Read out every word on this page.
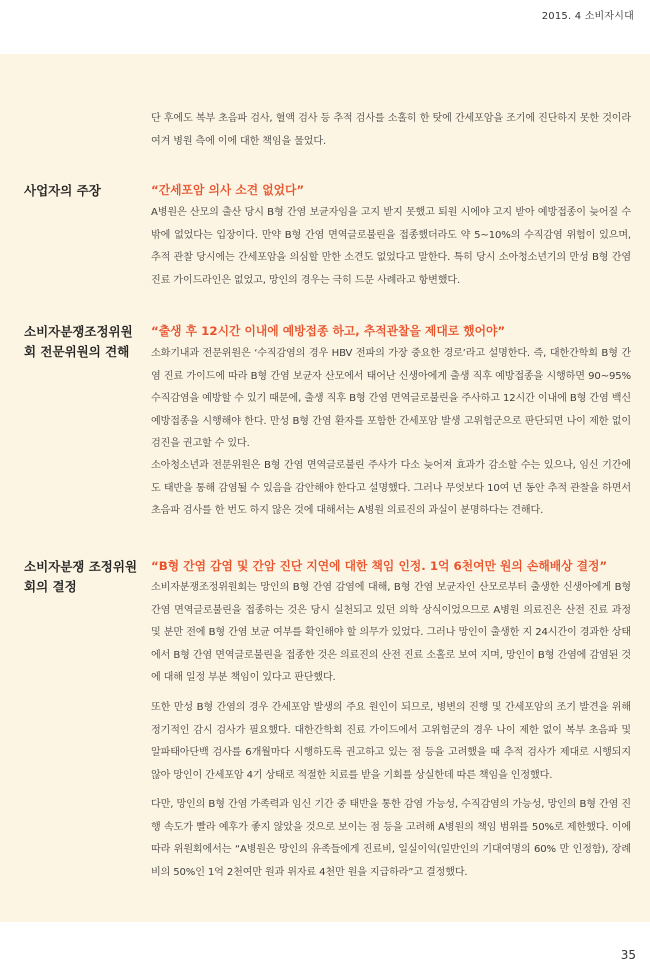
2015. 4 소비자시대

단 후에도 복부 초음파 검사, 혈액 검사 등 추적 검사를 소홀히 한 탓에 간세포암을 조기에 진단하지 못한 것이라 여겨 병원 측에 이에 대한 책임을 물었다.

사업자의 주장	“간세포암 의사 소견 없었다”

A병원은 산모의 출산 당시 B형 간염 보균자임을 고지 받지 못했고 퇴원 시에야 고지 받아 예방접종이 늦어질 수밖에 없었다는 입장이다. 만약 B형 간염 면역글로불린을 접종했더라도 약 5~10%의 수직감염 위험이 있으며, 추적 관찰 당시에는 간세포암을 의심할 만한 소견도 없었다고 말한다. 특히 당시 소아청소년기의 만성 B형 간염 진료 가이드라인은 없었고, 망인의 경우는 극히 드문 사례라고 항변했다.

소비자분쟁조정위원회 전문위원의 견해

“출생 후 12시간 이내에 예방접종 하고, 추적관찰을 제대로 했어야”

소화기내과 전문위원은 ‘수직감염의 경우 HBV 전파의 가장 중요한 경로’라고 설명한다. 즉, 대한간학회 B형 간염 진료 가이드에 따라 B형 간염 보균자 산모에서 태어난 신생아에게 출생 직후 예방접종을 시행하면 90~95% 수직감염을 예방할 수 있기 때문에, 출생 직후 B형 간염 면역글로불린을 주사하고 12시간 이내에 B형 간염 백신 예방접종을 시행해야 한다. 만성 B형 간염 환자를 포함한 간세포암 발생 고위험군으로 판단되면 나이 제한 없이 검진을 권고할 수 있다.

소아청소년과 전문위원은 B형 간염 면역글로불린 주사가 다소 늦어져 효과가 감소할 수는 있으나, 임신 기간에도 태반을 통해 감염될 수 있음을 감안해야 한다고 설명했다. 그러나 무엇보다 10여 년 동안 추적 관찰을 하면서 초음파 검사를 한 번도 하지 않은 것에 대해서는 A병원 의료진의 과실이 분명하다는 견해다.

소비자분쟁 조정위원회의 결정

“B형 간염 감염 및 간암 진단 지연에 대한 책임 인정. 1억 6천여만 원의 손해배상 결정”

소비자분쟁조정위원회는 망인의 B형 간염 감염에 대해, B형 간염 보균자인 산모로부터 출생한 신생아에게 B형 간염 면역글로불린을 접종하는 것은 당시 실천되고 있던 의학 상식이었으므로 A병원 의료진은 산전 진료 과정 및 분만 전에 B형 간염 보균 여부를 확인해야 할 의무가 있었다. 그러나 망인이 출생한 지 24시간이 경과한 상태에서 B형 간염 면역글로불린을 접종한 것은 의료진의 산전 진료 소홀로 보여 지며, 망인이 B형 간염에 감염된 것에 대해 일정 부분 책임이 있다고 판단했다.

또한 만성 B형 간염의 경우 간세포암 발생의 주요 원인이 되므로, 병변의 진행 및 간세포암의 조기 발견을 위해 정기적인 감시 검사가 필요했다. 대한간학회 진료 가이드에서 고위험군의 경우 나이 제한 없이 복부 초음파 및 알파태아단백 검사를 6개월마다 시행하도록 권고하고 있는 점 등을 고려했을 때 추적 검사가 제대로 시행되지 않아 망인이 간세포암 4기 상태로 적절한 치료를 받을 기회를 상실한데 따른 책임을 인정했다.

다만, 망인의 B형 간염 가족력과 임신 기간 중 태반을 통한 감염 가능성, 수직감염의 가능성, 망인의 B형 간염 진행 속도가 빨라 예후가 좋지 않았을 것으로 보이는 점 등을 고려해 A병원의 책임 범위를 50%로 제한했다. 이에 따라 위원회에서는 “A병원은 망인의 유족들에게 진료비, 일실이익(일반인의 기대여명의 60% 만 인정함), 장례비의 50%인 1억 2천여만 원과 위자료 4천만 원을 지급하라”고 결정했다.

35
